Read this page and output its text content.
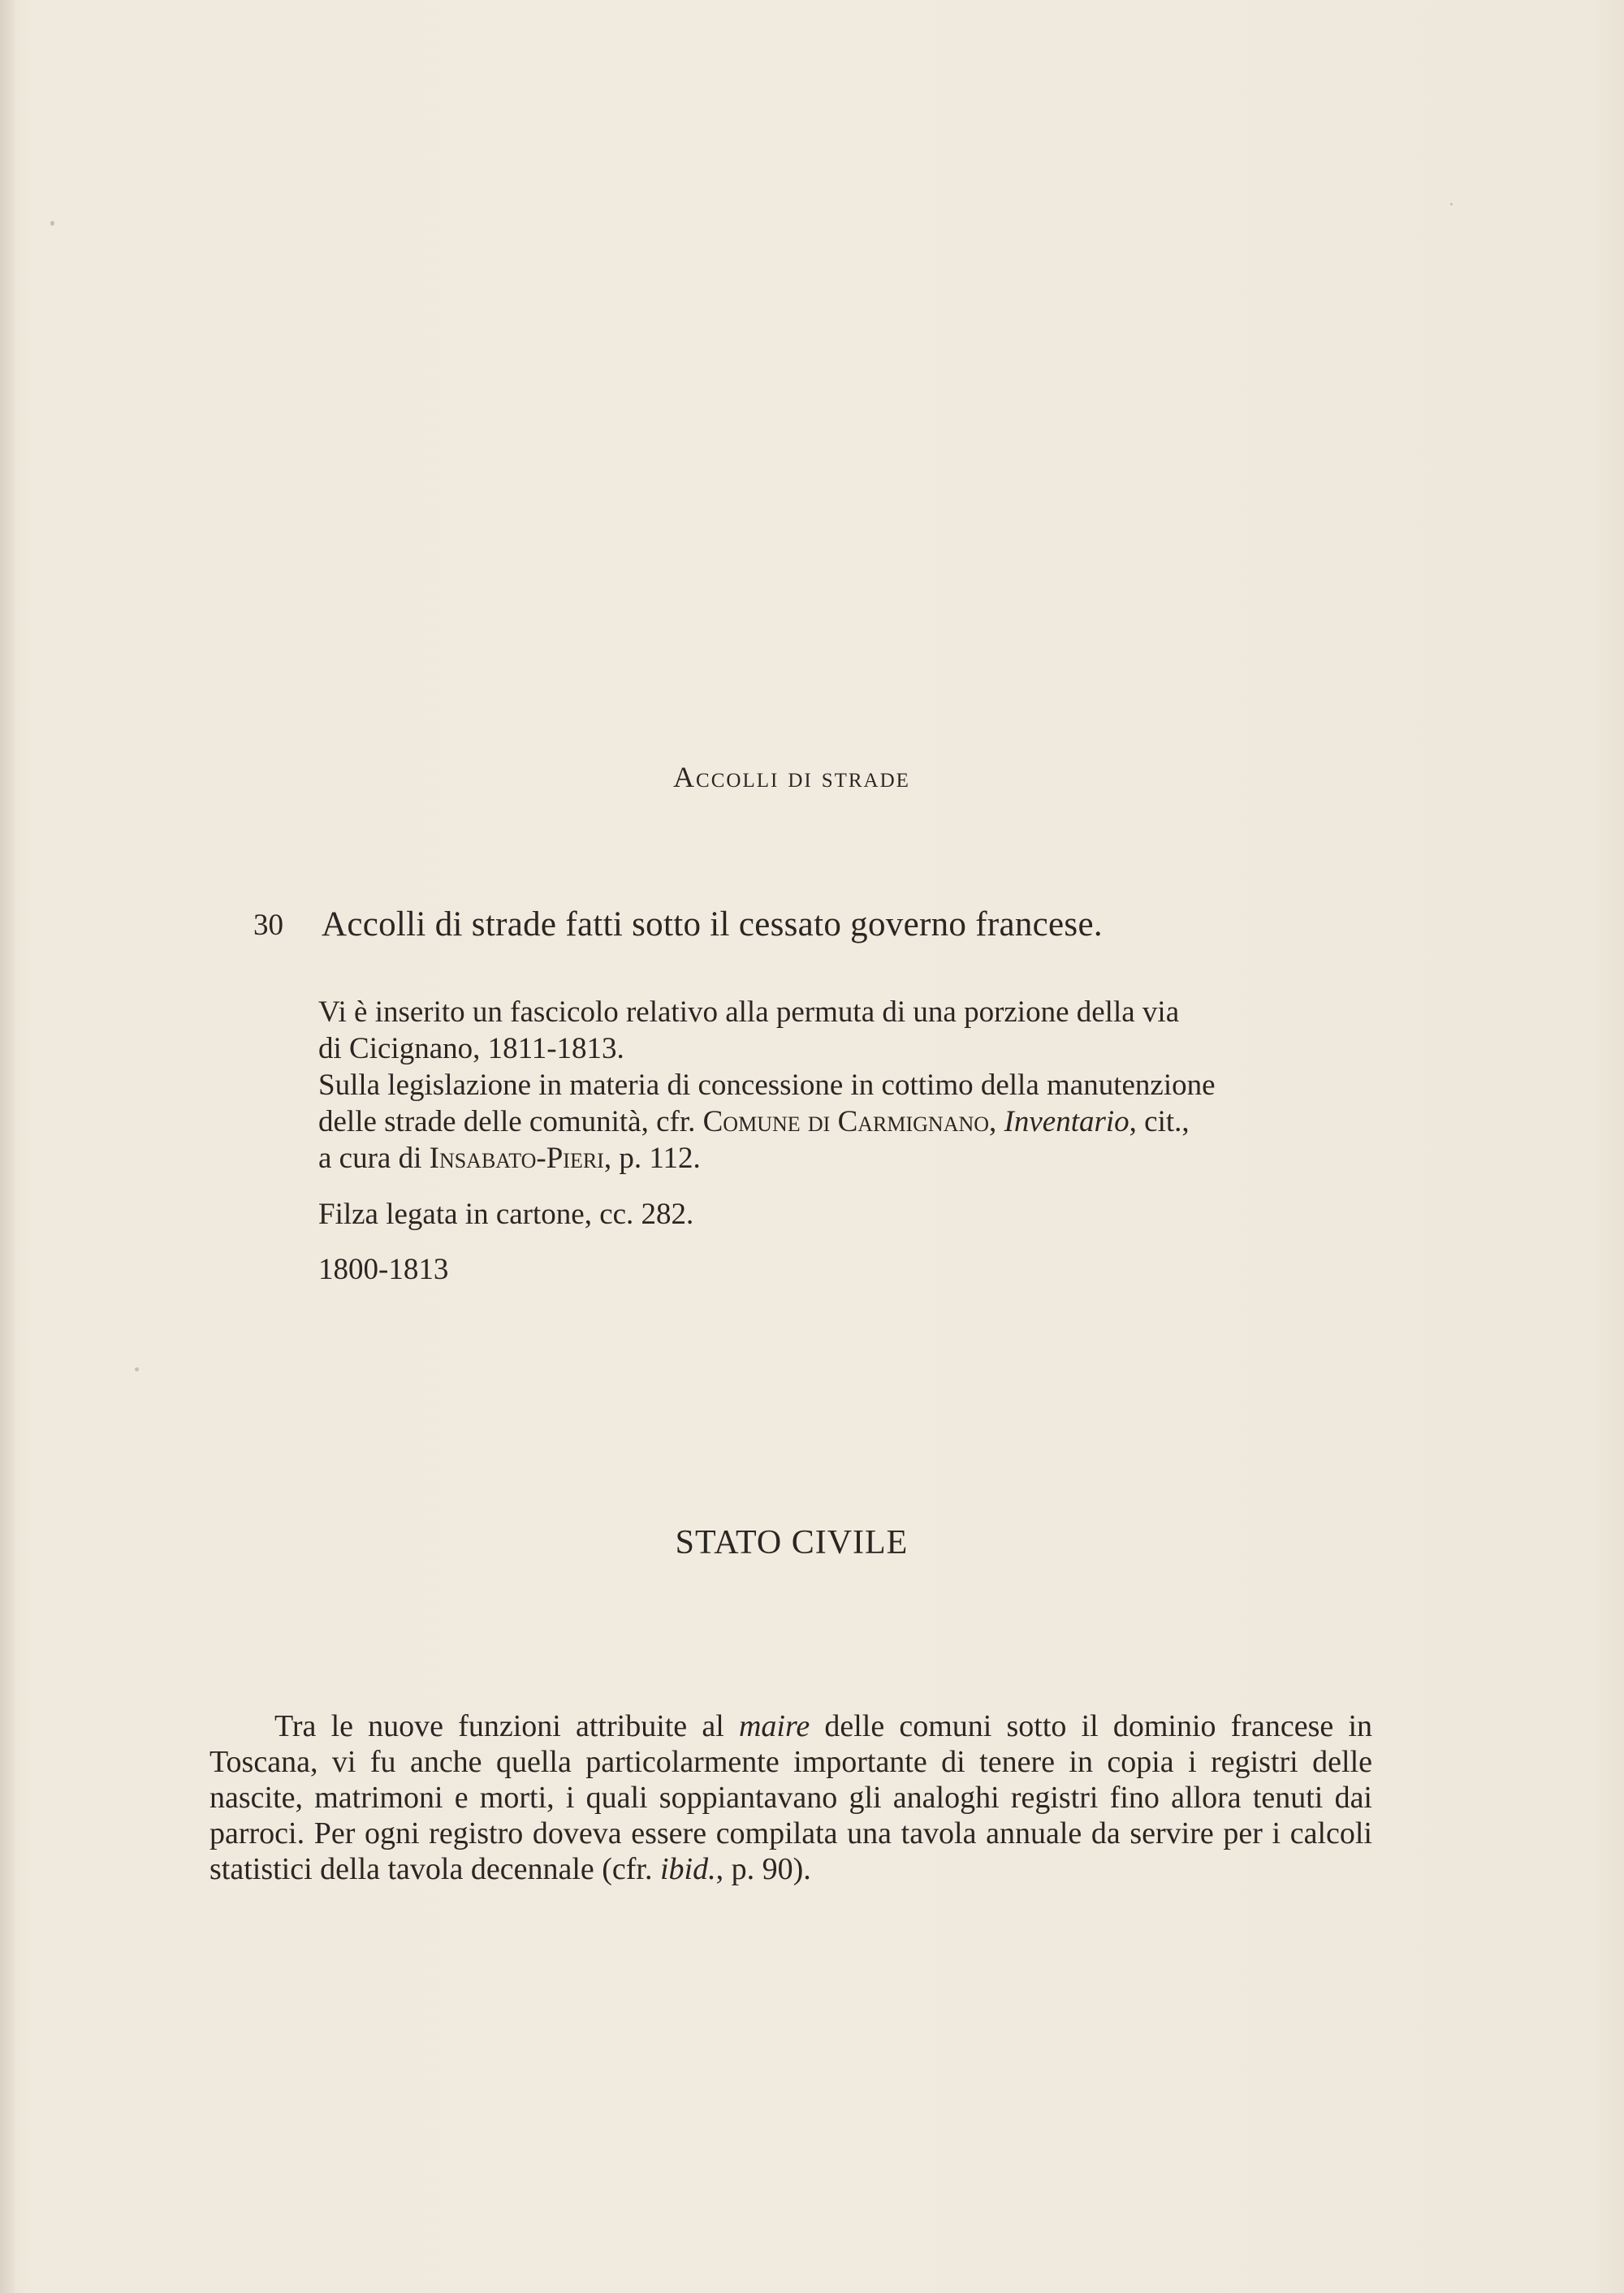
Accolli di strade
30 Accolli di strade fatti sotto il cessato governo francese.

Vi è inserito un fascicolo relativo alla permuta di una porzione della via

di Cicignano, 1811-1813.

Sulla legislazione in materia di concessione in cottimo della manutenzione

delle strade delle comunità, cfr. Comune di Carmignano, Inventario, cit.,

a cura di Insabato-Pieri, p. 112.

Filza legata in cartone, cc. 282.
1800-1813
STATO CIVILE

Tra le nuove funzioni attribuite al maire delle comuni sotto il dominio francese in Toscana, vi fu anche quella particolarmente importante di tenere in copia i registri delle nascite, matrimoni e morti, i quali soppiantavano gli analoghi registri fino allora tenuti dai parroci. Per ogni registro doveva essere compilata una tavola annuale da servire per i calcoli statistici della tavola decennale (cfr. ibid., p. 90).
